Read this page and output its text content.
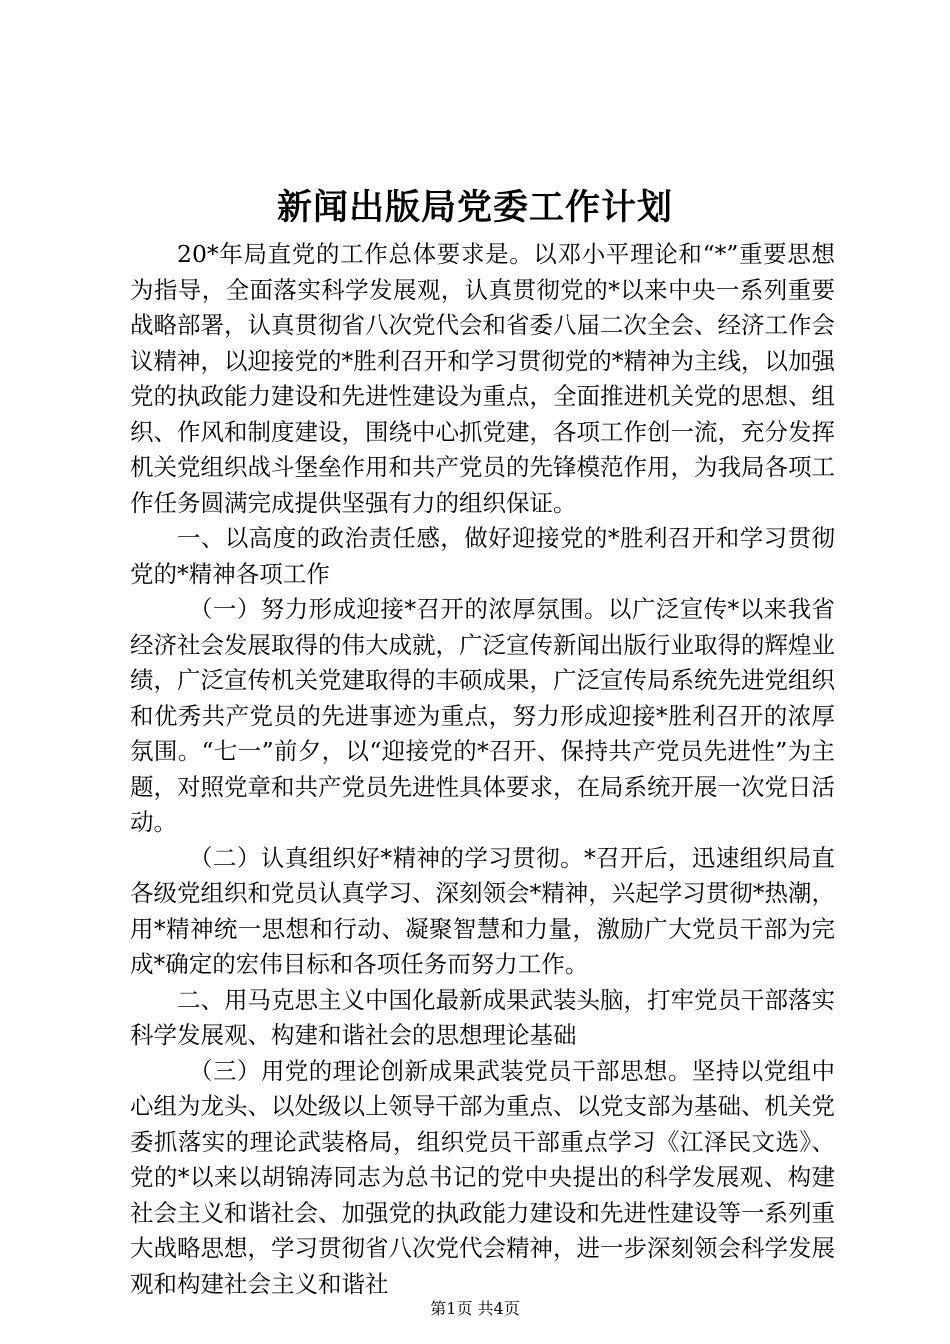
新闻出版局党委工作计划

20*年局直党的工作总体要求是。以邓小平理论和“*”重要思想为指导，全面落实科学发展观，认真贯彻党的*以来中央一系列重要战略部署，认真贯彻省八次党代会和省委八届二次全会、经济工作会议精神，以迎接党的*胜利召开和学习贯彻党的*精神为主线，以加强党的执政能力建设和先进性建设为重点，全面推进机关党的思想、组织、作风和制度建设，围绕中心抓党建，各项工作创一流，充分发挥机关党组织战斗堡垒作用和共产党员的先锋模范作用，为我局各项工作任务圆满完成提供坚强有力的组织保证。

一、以高度的政治责任感，做好迎接党的*胜利召开和学习贯彻党的*精神各项工作

（一）努力形成迎接*召开的浓厚氛围。以广泛宣传*以来我省经济社会发展取得的伟大成就，广泛宣传新闻出版行业取得的辉煌业绩，广泛宣传机关党建取得的丰硕成果，广泛宣传局系统先进党组织和优秀共产党员的先进事迹为重点，努力形成迎接*胜利召开的浓厚氛围。“七一”前夕，以“迎接党的*召开、保持共产党员先进性”为主题，对照党章和共产党员先进性具体要求，在局系统开展一次党日活动。

（二）认真组织好*精神的学习贯彻。*召开后，迅速组织局直各级党组织和党员认真学习、深刻领会*精神，兴起学习贯彻*热潮，用*精神统一思想和行动、凝聚智慧和力量，激励广大党员干部为完成*确定的宏伟目标和各项任务而努力工作。

二、用马克思主义中国化最新成果武装头脑，打牢党员干部落实科学发展观、构建和谐社会的思想理论基础

（三）用党的理论创新成果武装党员干部思想。坚持以党组中心组为龙头、以处级以上领导干部为重点、以党支部为基础、机关党委抓落实的理论武装格局，组织党员干部重点学习《江泽民文选》、党的*以来以胡锦涛同志为总书记的党中央提出的科学发展观、构建社会主义和谐社会、加强党的执政能力建设和先进性建设等一系列重大战略思想，学习贯彻省八次党代会精神，进一步深刻领会科学发展观和构建社会主义和谐社

第1页 共4页
